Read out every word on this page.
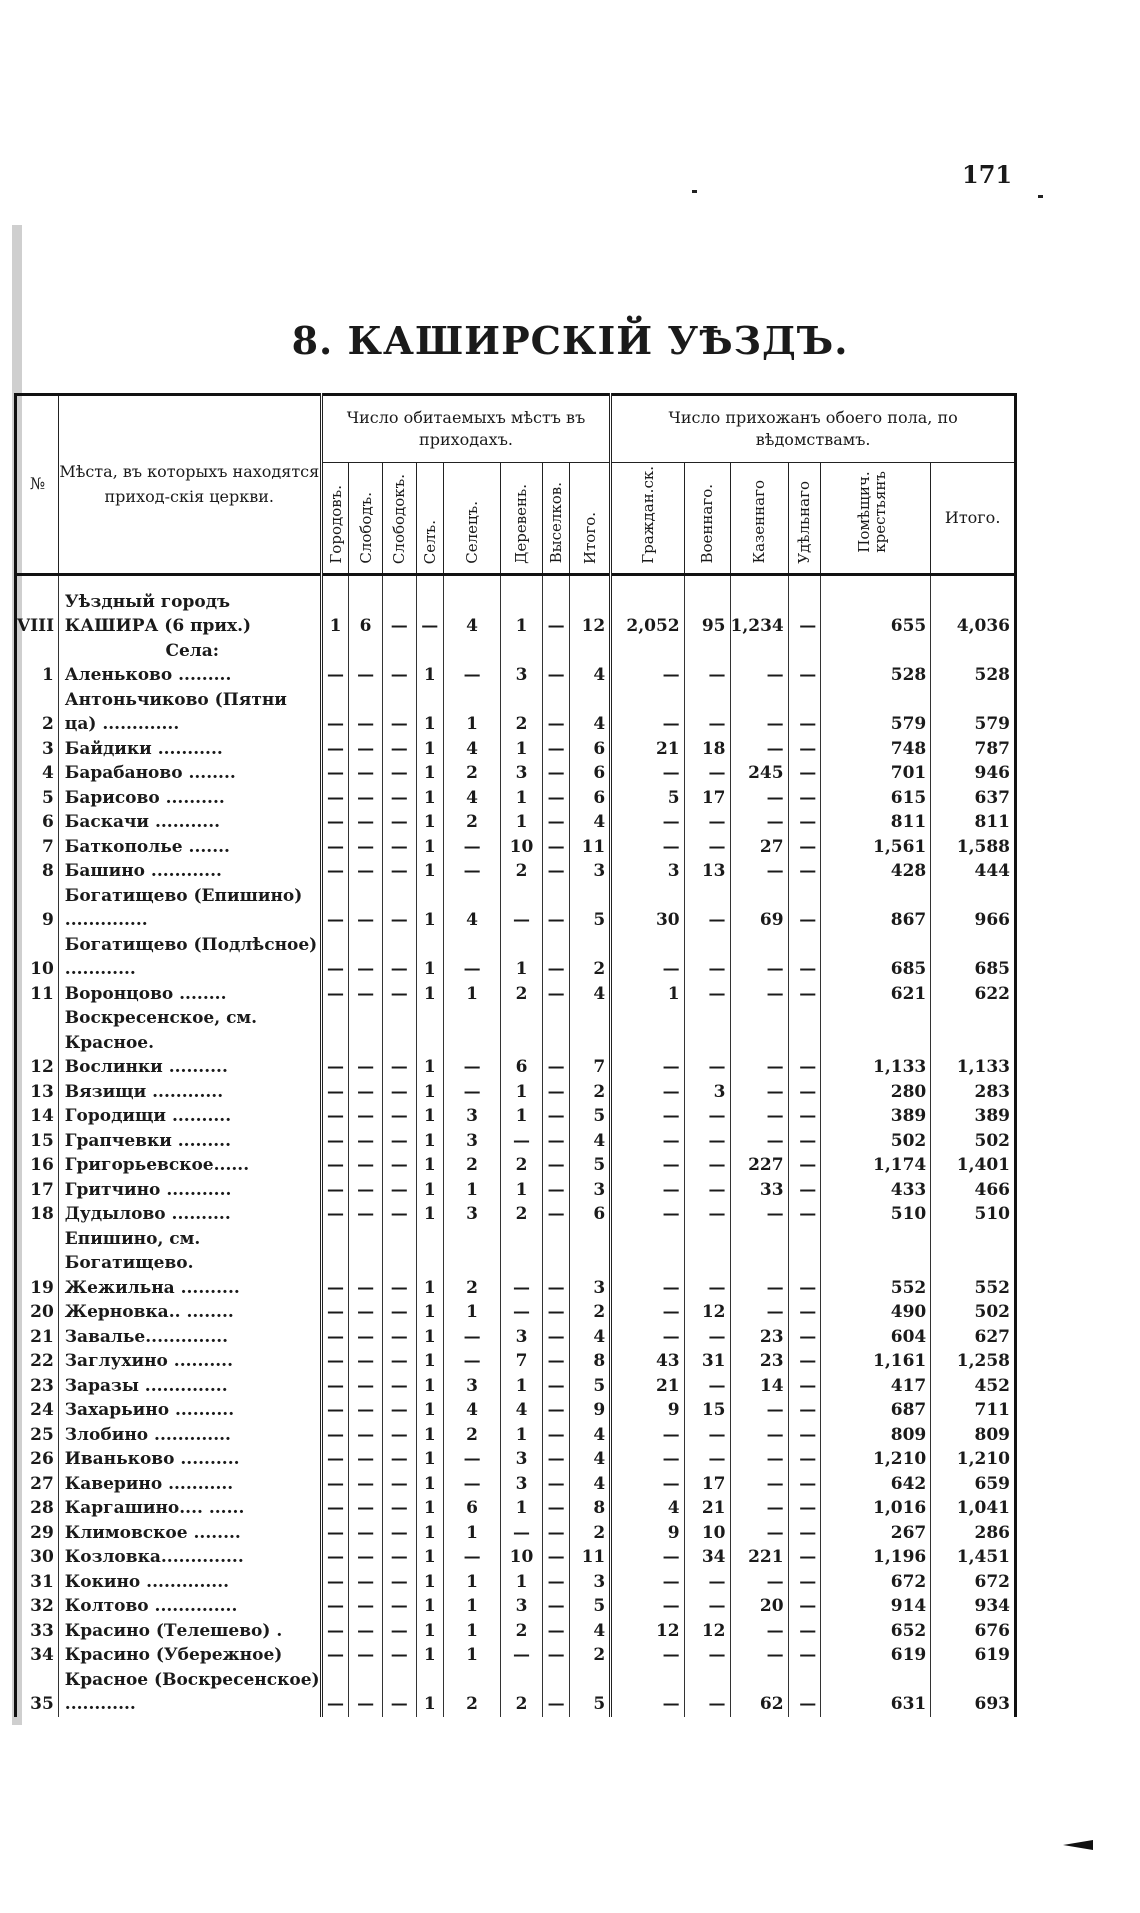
171
8. КАШИРСКІЙ УѢЗДЪ.
№	Мѣста, въ которыхъ находятся приход-скія церкви.	Число обитаемыхъ мѣстъ въ приходахъ.								Число прихожанъ обоего пола, по вѣдомствамъ.					
		Городовъ.	Слободъ.	Слободокъ.	Селъ.	Селецъ.	Деревень.	Выселков.	Итого.	Граждан.ск.	Военнаго.	Казеннаго	Удѣльнаго	Помѣщич. крестьянъ	Итого.
VIII	Уѣздный городъ КАШИРА (6 прих.)	1	6	—	—	4	1	—	12	2,052	95	1,234	—	655	4,036
	Села:														
1	Аленьково .........	—	—	—	1	—	3	—	4	—	—	—	—	528	528
2	Антоньчиково (Пятни ца) .............	—	—	—	1	1	2	—	4	—	—	—	—	579	579
3	Байдики ...........	—	—	—	1	4	1	—	6	21	18	—	—	748	787
4	Барабаново ........	—	—	—	1	2	3	—	6	—	—	245	—	701	946
5	Барисово ..........	—	—	—	1	4	1	—	6	5	17	—	—	615	637
6	Баскачи ...........	—	—	—	1	2	1	—	4	—	—	—	—	811	811
7	Баткополье .......	—	—	—	1	—	10	—	11	—	—	27	—	1,561	1,588
8	Башино ............	—	—	—	1	—	2	—	3	3	13	—	—	428	444
9	Богатищево (Епишино) ..............	—	—	—	1	4	—	—	5	30	—	69	—	867	966
10	Богатищево (Подлѣсное) ............	—	—	—	1	—	1	—	2	—	—	—	—	685	685
11	Воронцово ........	—	—	—	1	1	2	—	4	1	—	—	—	621	622
	Воскресенское, см. Красное.														
12	Вослинки ..........	—	—	—	1	—	6	—	7	—	—	—	—	1,133	1,133
13	Вязищи ............	—	—	—	1	—	1	—	2	—	3	—	—	280	283
14	Городищи ..........	—	—	—	1	3	1	—	5	—	—	—	—	389	389
15	Грапчевки .........	—	—	—	1	3	—	—	4	—	—	—	—	502	502
16	Григорьевское......	—	—	—	1	2	2	—	5	—	—	227	—	1,174	1,401
17	Гритчино ...........	—	—	—	1	1	1	—	3	—	—	33	—	433	466
18	Дудылово ..........	—	—	—	1	3	2	—	6	—	—	—	—	510	510
	Епишино, см. Богатищево.														
19	Жежильна ..........	—	—	—	1	2	—	—	3	—	—	—	—	552	552
20	Жерновка.. ........	—	—	—	1	1	—	—	2	—	12	—	—	490	502
21	Завалье..............	—	—	—	1	—	3	—	4	—	—	23	—	604	627
22	Заглухино ..........	—	—	—	1	—	7	—	8	43	31	23	—	1,161	1,258
23	Заразы ..............	—	—	—	1	3	1	—	5	21	—	14	—	417	452
24	Захарьино ..........	—	—	—	1	4	4	—	9	9	15	—	—	687	711
25	Злобино .............	—	—	—	1	2	1	—	4	—	—	—	—	809	809
26	Иваньково ..........	—	—	—	1	—	3	—	4	—	—	—	—	1,210	1,210
27	Каверино ...........	—	—	—	1	—	3	—	4	—	17	—	—	642	659
28	Каргашино.... ......	—	—	—	1	6	1	—	8	4	21	—	—	1,016	1,041
29	Климовское ........	—	—	—	1	1	—	—	2	9	10	—	—	267	286
30	Козловка..............	—	—	—	1	—	10	—	11	—	34	221	—	1,196	1,451
31	Кокино ..............	—	—	—	1	1	1	—	3	—	—	—	—	672	672
32	Колтово ..............	—	—	—	1	1	3	—	5	—	—	20	—	914	934
33	Красино (Телешево) .	—	—	—	1	1	2	—	4	12	12	—	—	652	676
34	Красино (Убережное)	—	—	—	1	1	—	—	2	—	—	—	—	619	619
35	Красное (Воскресенское) ............	—	—	—	1	2	2	—	5	—	—	62	—	631	693
